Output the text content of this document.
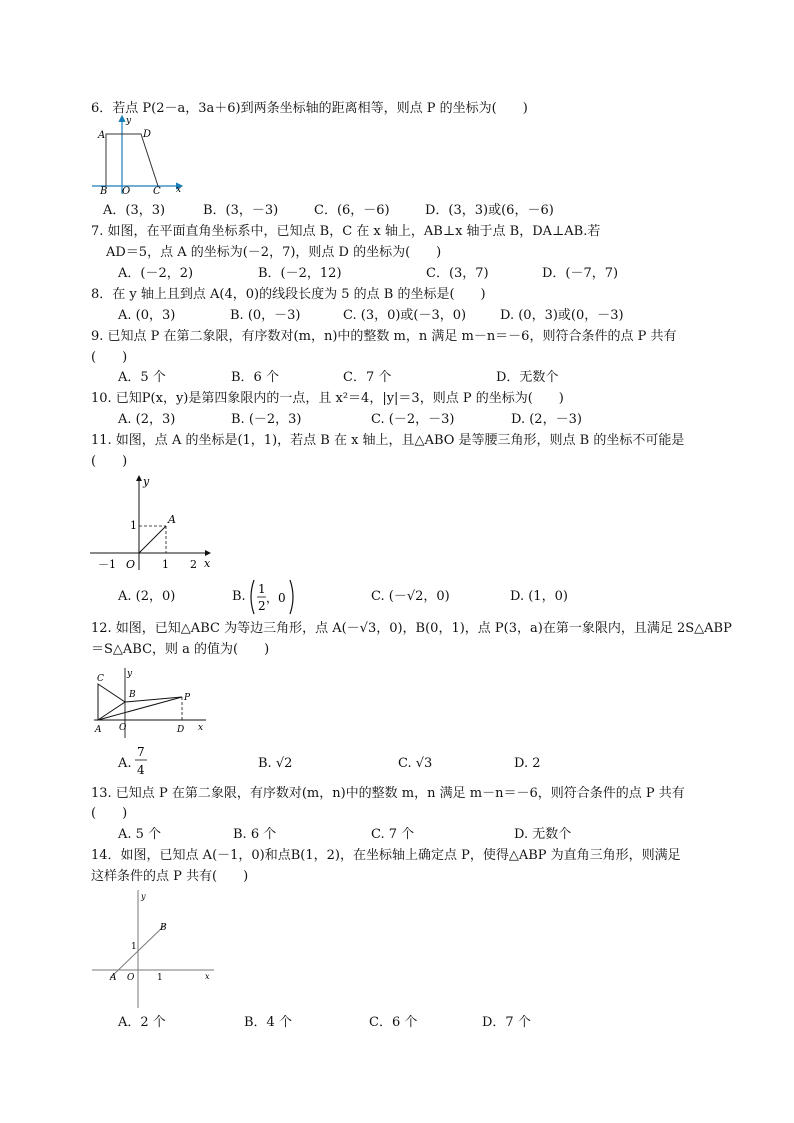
6．若点 P(2－a，3a＋6)到两条坐标轴的距离相等，则点 P 的坐标为(　　)
y
A	D
B O C x
A．(3，3)	B．(3，－3)	C．(6，－6)	D．(3，3)或(6，－6)
7. 如图，在平面直角坐标系中，已知点 B，C 在 x 轴上，AB⊥x 轴于点 B，DA⊥AB.若
AD＝5，点 A 的坐标为(－2，7)，则点 D 的坐标为(　　)
A．(－2，2)	B．(－2，12)	C．(3，7)	D．(－7，7)
8．在 y 轴上且到点 A(4，0)的线段长度为 5 的点 B 的坐标是(　　)
A. (0，3)	B. (0，－3)	C. (3，0)或(－3，0)	D. (0，3)或(0，－3)
9. 已知点 P 在第二象限，有序数对(m，n)中的整数 m，n 满足 m－n＝－6，则符合条件的点 P 共有
(　　)
A．5 个	B．6 个	C．7 个	D．无数个
10. 已知P(x，y)是第四象限内的一点，且 x²＝4，|y|＝3，则点 P 的坐标为(　　)
A. (2，3)	B. (－2，3)	C. (－2，－3)	D. (2，－3)
11. 如图，点 A 的坐标是(1，1)，若点 B 在 x 轴上，且△ABO 是等腰三角形，则点 B 的坐标不可能是
(　　)
y
A
1
O
－1	1 2 x
A. (2，0)	B. 1
2
，0	C. (－√2，0)	D. (1，0)
12. 如图，已知△ABC 为等边三角形，点 A(－√3，0)，B(0，1)，点 P(3，a)在第一象限内，且满足 2S△ABP
＝S△ABC，则 a 的值为(　　)
C
B	P
O
A	D x
y
A.
7
4	B. √2	C. √3	D. 2
13. 已知点 P 在第二象限，有序数对(m，n)中的整数 m，n 满足 m－n＝－6，则符合条件的点 P 共有
(　　)
A. 5 个	B. 6 个	C. 7 个	D. 无数个
14．如图，已知点 A(－1，0)和点B(1，2)，在坐标轴上确定点 P，使得△ABP 为直角三角形，则满足
这样条件的点 P 共有(　　)
y
B
1
A O	1	x
A．2 个	B．4 个	C．6 个	D．7 个
